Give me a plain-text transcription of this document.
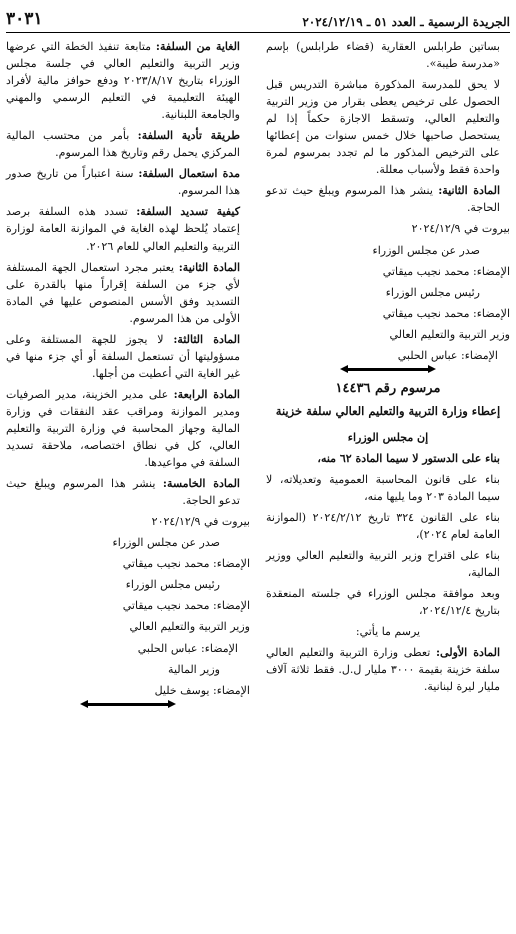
الجريدة الرسمية ـ العدد ٥١ ـ ٢٠٢٤/١٢/١٩
٣٠٣١

بساتين طرابلس العقارية (قضاء طرابلس) بإسم «مدرسة طيبة».

لا يحق للمدرسة المذكورة مباشرة التدريس قبل الحصول على ترخيص يعطى بقرار من وزير التربية والتعليم العالي، وتسقط الاجازة حكماً إذا لم يستحصل صاحبها خلال خمس سنوات من إعطائها على الترخيص المذكور ما لم تجدد بمرسوم لمرة واحدة فقط ولأسباب معللة.

المادة الثانية: ينشر هذا المرسوم ويبلغ حيث تدعو الحاجة.

بيروت في ٢٠٢٤/١٢/٩

صدر عن مجلس الوزراء

الإمضاء: محمد نجيب ميقاتي

رئيس مجلس الوزراء

الإمضاء: محمد نجيب ميقاتي

وزير التربية والتعليم العالي

الإمضاء: عباس الحلبي

مرسوم رقم ١٤٤٣٦

إعطاء وزارة التربية والتعليم العالي سلفة خزينة

إن مجلس الوزراء

بناء على الدستور لا سيما المادة ٦٢ منه،

بناء على قانون المحاسبة العمومية وتعديلاته، لا سيما المادة ٢٠٣ وما يليها منه،

بناء على القانون ٣٢٤ تاريخ ٢٠٢٤/٢/١٢ (الموازنة العامة لعام ٢٠٢٤)،

بناء على اقتراح وزير التربية والتعليم العالي ووزير المالية،

وبعد موافقة مجلس الوزراء في جلسته المنعقدة بتاريخ ٢٠٢٤/١٢/٤،

يرسم ما يأتي:

المادة الأولى: تعطى وزارة التربية والتعليم العالي سلفة خزينة بقيمة ٣٠٠٠ مليار ل.ل. فقط ثلاثة آلاف مليار ليرة لبنانية.

الغاية من السلفة: متابعة تنفيذ الخطة التي عرضها وزير التربية والتعليم العالي في جلسة مجلس الوزراء بتاريخ ٢٠٢٣/٨/١٧ ودفع حوافز مالية لأفراد الهيئة التعليمية في التعليم الرسمي والمهني والجامعة اللبنانية.

طريقة تأدية السلفة: بأمر من محتسب المالية المركزي يحمل رقم وتاريخ هذا المرسوم.

مدة استعمال السلفة: سنة اعتباراً من تاريخ صدور هذا المرسوم.

كيفية تسديد السلفة: تسدد هذه السلفة برصد إعتماد يُلحظ لهذه الغاية في الموازنة العامة لوزارة التربية والتعليم العالي للعام ٢٠٢٦.

المادة الثانية: يعتبر مجرد استعمال الجهة المستلفة لأي جزء من السلفة إقراراً منها بالقدرة على التسديد وفق الأسس المنصوص عليها في المادة الأولى من هذا المرسوم.

المادة الثالثة: لا يجوز للجهة المستلفة وعلى مسؤوليتها أن تستعمل السلفة أو أي جزء منها في غير الغاية التي أعطيت من أجلها.

المادة الرابعة: على مدير الخزينة، مدير الصرفيات ومدير الموازنة ومراقب عقد النفقات في وزارة المالية وجهاز المحاسبة في وزارة التربية والتعليم العالي، كل في نطاق اختصاصه، ملاحقة تسديد السلفة في مواعيدها.

المادة الخامسة: ينشر هذا المرسوم ويبلغ حيث تدعو الحاجة.

بيروت في ٢٠٢٤/١٢/٩

صدر عن مجلس الوزراء

الإمضاء: محمد نجيب ميقاتي

رئيس مجلس الوزراء

الإمضاء: محمد نجيب ميقاتي

وزير التربية والتعليم العالي

الإمضاء: عباس الحلبي

وزير المالية

الإمضاء: يوسف خليل
